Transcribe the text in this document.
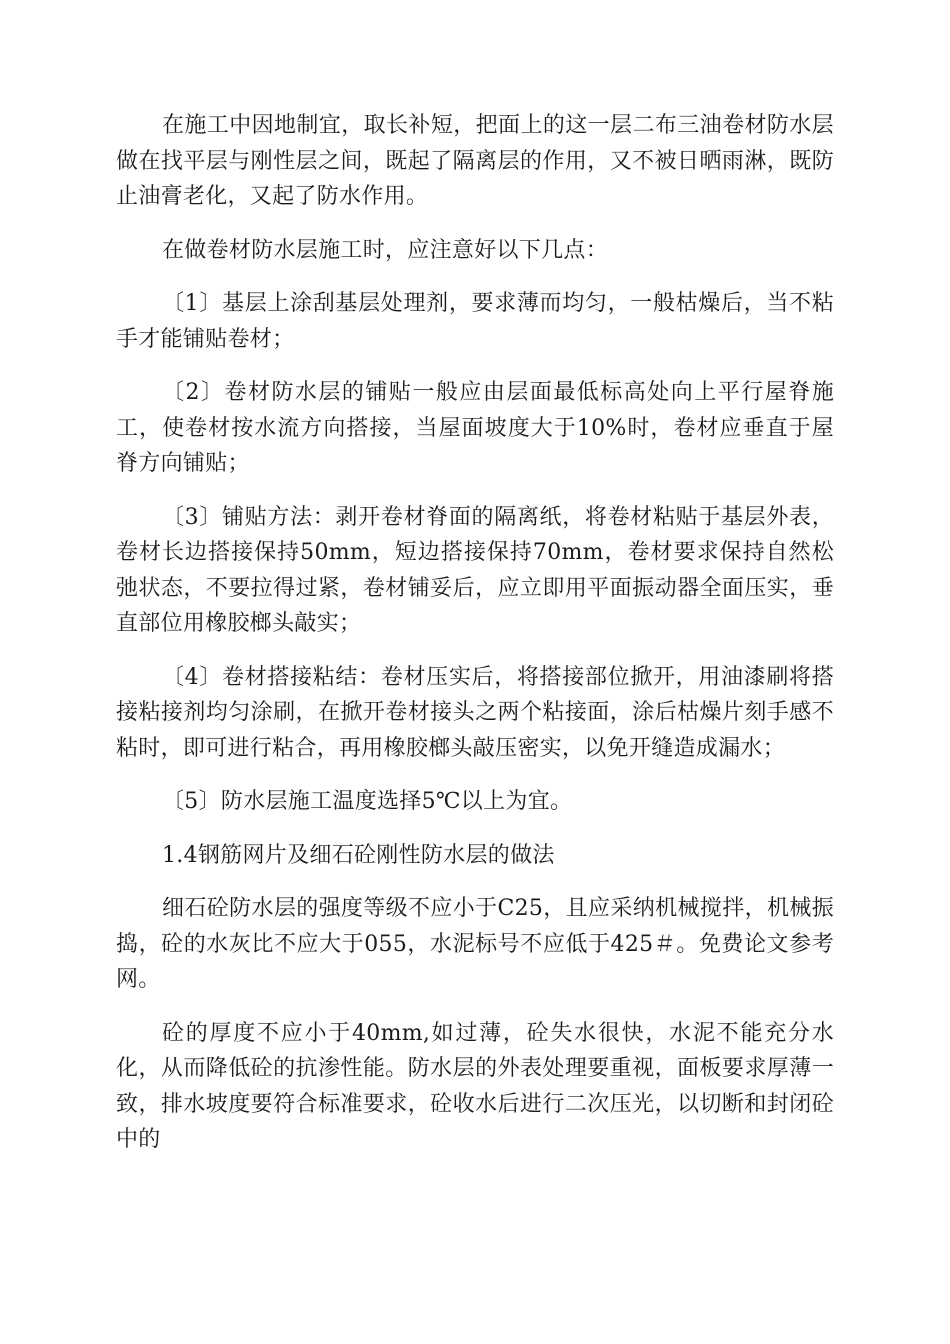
在施工中因地制宜，取长补短，把面上的这一层二布三油卷材防水层做在找平层与刚性层之间，既起了隔离层的作用，又不被日晒雨淋，既防止油膏老化，又起了防水作用。

在做卷材防水层施工时，应注意好以下几点：

〔1〕基层上涂刮基层处理剂，要求薄而均匀，一般枯燥后，当不粘手才能铺贴卷材；

〔2〕卷材防水层的铺贴一般应由层面最低标高处向上平行屋脊施工，使卷材按水流方向搭接，当屋面坡度大于10%时，卷材应垂直于屋脊方向铺贴；

〔3〕铺贴方法：剥开卷材脊面的隔离纸，将卷材粘贴于基层外表，卷材长边搭接保持50mm，短边搭接保持70mm，卷材要求保持自然松弛状态，不要拉得过紧，卷材铺妥后，应立即用平面振动器全面压实，垂直部位用橡胶榔头敲实；

〔4〕卷材搭接粘结：卷材压实后，将搭接部位掀开，用油漆刷将搭接粘接剂均匀涂刷，在掀开卷材接头之两个粘接面，涂后枯燥片刻手感不粘时，即可进行粘合，再用橡胶榔头敲压密实，以免开缝造成漏水；

〔5〕防水层施工温度选择5℃以上为宜。

1.4钢筋网片及细石砼刚性防水层的做法

细石砼防水层的强度等级不应小于C25，且应采纳机械搅拌，机械振捣，砼的水灰比不应大于055，水泥标号不应低于425＃。免费论文参考网。

砼的厚度不应小于40mm,如过薄，砼失水很快，水泥不能充分水化，从而降低砼的抗渗性能。防水层的外表处理要重视，面板要求厚薄一致，排水坡度要符合标准要求，砼收水后进行二次压光，以切断和封闭砼中的
